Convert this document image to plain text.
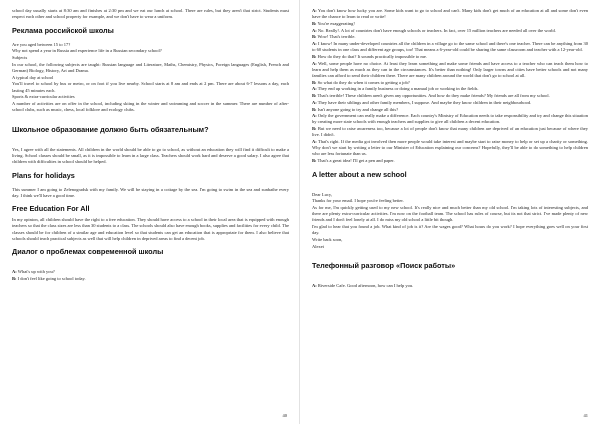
school day usually starts at 8:30 am and finishes at 2:30 pm and we eat our lunch at school. There are rules, but they aren't that strict. Students must respect each other and school property for example, and we don't have to wear a uniform.

Реклама российской школы

Are you aged between 15 to 17?

Why not spend a year in Russia and experience life in a Russian secondary school?

Subjects

In our school, the following subjects are taught: Russian language and Literature, Maths, Chemistry, Physics, Foreign languages (English, French and German) Biology, History, Art and Drama.

A typical day at school

You'll travel to school by bus or metro, or on foot if you live nearby. School starts at 8 am and ends at 2 pm. There are about 6-7 lessons a day, each lasting 45 minutes each.

Sports & extra-curricular activities

A number of activities are on offer in the school, including skiing in the winter and swimming and soccer in the summer. There are number of after-school clubs, such as music, chess, local folklore and ecology clubs.

Школьное образование должно быть обязательным?

Yes, I agree with all the statements. All children in the world should be able to go to school, as without an education they will find it difficult to make a living. School classes should be small, as it is impossible to learn in a large class. Teachers should work hard and deserve a good salary. I also agree that children with difficulties in school should be helped.

Plans for holidays

This summer I am going to Zelenogradsk with my family. We will be staying in a cottage by the sea. I'm going to swim in the sea and sunbathe every day. I think we'll have a good time.

Free Education For All

In my opinion, all children should have the right to a free education. They should have access to a school in their local area that is equipped with enough teachers so that the class sizes are less than 30 students to a class. The schools should also have enough books, supplies and facilities for every child. The classes should be for children of a similar age and education level so that students can get an education that is appropriate for them. I also believe that schools should teach practical subjects as well that will help children in deprived areas to find a decent job.

Диалог о проблемах современной школы

A: What's up with you?

B: I don't feel like going to school today.

40

A: You don't know how lucky you are. Some kids want to go to school and can't. Many kids don't get much of an education at all and some don't even have the chance to learn to read or write!

B: You're exaggerating!

A: No. Really!. A lot of countries don't have enough schools or teachers. In fact, over 15 million teachers are needed all over the world.

B: Wow! That's terrible.

A: I know! In many under-developed countries all the children in a village go to the same school and there's one teacher. There can be anything from 30 to 60 students in one class and different age groups, too! That means a 6-year-old could be sharing the same classroom and teacher with a 12-year-old.

B: How do they do that? It sounds practically impossible to me.

A: Well, some people have no choice. At least they learn something and make some friends and have access to a teacher who can teach them how to learn and help them as much as they can in the circumstances. It's better than nothing! Only larger towns and cities have better schools and not many families can afford to send their children there. There are many children around the world that don't go to school at all.

B: So what do they do when it comes to getting a job?

A: They end up working in a family business or doing a manual job or working in the fields.

B: That's terrible! These children aren't given any opportunities. And how do they make friends? My friends are all from my school.

A: They have their siblings and other family members, I suppose. And maybe they know children in their neighbourhood.

B: Isn't anyone going to try and change all this?

A: Only the government can really make a difference. Each country's Ministry of Education needs to take responsibility and try and change this situation by creating more state schools with enough teachers and supplies to give all children a decent education.

B: But we need to raise awareness too, because a lot of people don't know that many children are deprived of an education just because of where they live. I didn't.

A: That's right. If the media got involved then more people would take interest and maybe start to raise money to help or set up a charity or something. Why don't we start by writing a letter to our Minister of Education explaining our concerns? Hopefully, they'll be able to do something to help children who are less fortunate than us.

B: That's a great idea! I'll get a pen and paper.

A letter about a new school

Dear Lucy,

Thanks for your email. I hope you're feeling better.

As for me, I'm quickly getting used to my new school. It's really nice and much better than my old school. I'm taking lots of interesting subjects, and there are plenty extra-curricular activities. I'm now on the football team. The school has rules of course, but its not that strict. I've made plenty of new friends and I don't feel lonely at all. I do miss my old school a little bit though.

I'm glad to hear that you found a job. What kind of job is it? Are the wages good? What hours do you work? I hope everything goes well on your first day.

Write back soon,

Alexei

Телефонный разговор «Поиск работы»

A: Riverside Cafe. Good afternoon, how can I help you.

41
